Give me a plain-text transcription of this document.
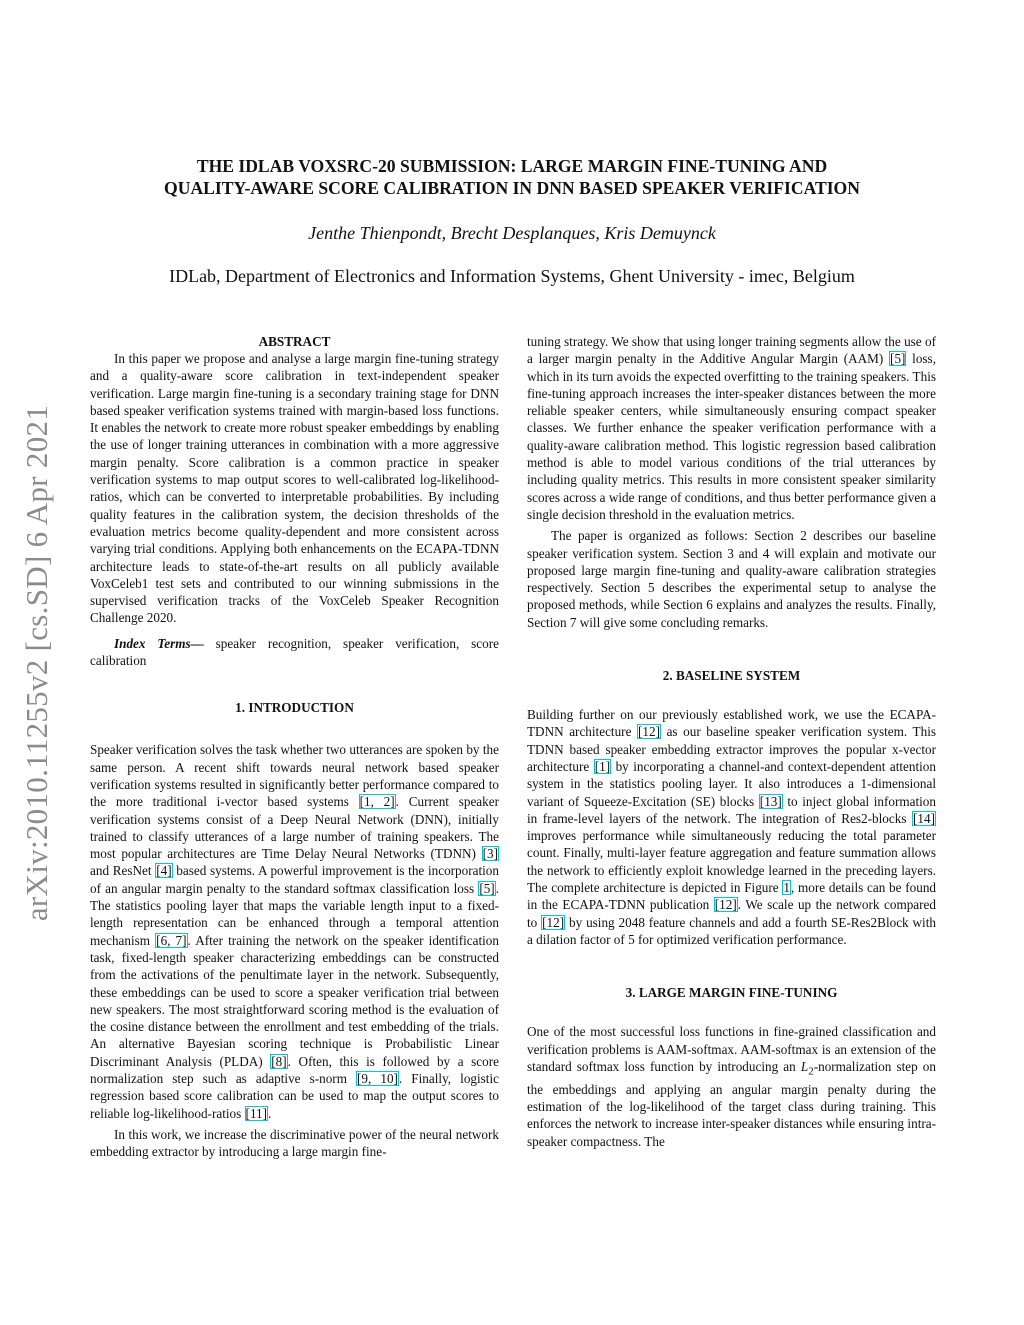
arXiv:2010.11255v2 [cs.SD] 6 Apr 2021
THE IDLAB VOXSRC-20 SUBMISSION: LARGE MARGIN FINE-TUNING AND
QUALITY-AWARE SCORE CALIBRATION IN DNN BASED SPEAKER VERIFICATION
Jenthe Thienpondt, Brecht Desplanques, Kris Demuynck
IDLab, Department of Electronics and Information Systems, Ghent University - imec, Belgium

ABSTRACT

In this paper we propose and analyse a large margin fine-tuning strategy and a quality-aware score calibration in text-independent speaker verification. Large margin fine-tuning is a secondary training stage for DNN based speaker verification systems trained with margin-based loss functions. It enables the network to create more robust speaker embeddings by enabling the use of longer training utterances in combination with a more aggressive margin penalty. Score calibration is a common practice in speaker verification systems to map output scores to well-calibrated log-likelihood-ratios, which can be converted to interpretable probabilities. By including quality features in the calibration system, the decision thresholds of the evaluation metrics become quality-dependent and more consistent across varying trial conditions. Applying both enhancements on the ECAPA-TDNN architecture leads to state-of-the-art results on all publicly available VoxCeleb1 test sets and contributed to our winning submissions in the supervised verification tracks of the VoxCeleb Speaker Recognition Challenge 2020.

Index Terms— speaker recognition, speaker verification, score calibration

1. INTRODUCTION

Speaker verification solves the task whether two utterances are spoken by the same person. A recent shift towards neural network based speaker verification systems resulted in significantly better performance compared to the more traditional i-vector based systems [1, 2]. Current speaker verification systems consist of a Deep Neural Network (DNN), initially trained to classify utterances of a large number of training speakers. The most popular architectures are Time Delay Neural Networks (TDNN) [3] and ResNet [4] based systems. A powerful improvement is the incorporation of an angular margin penalty to the standard softmax classification loss [5]. The statistics pooling layer that maps the variable length input to a fixed-length representation can be enhanced through a temporal attention mechanism [6, 7]. After training the network on the speaker identification task, fixed-length speaker characterizing embeddings can be constructed from the activations of the penultimate layer in the network. Subsequently, these embeddings can be used to score a speaker verification trial between new speakers. The most straightforward scoring method is the evaluation of the cosine distance between the enrollment and test embedding of the trials. An alternative Bayesian scoring technique is Probabilistic Linear Discriminant Analysis (PLDA) [8]. Often, this is followed by a score normalization step such as adaptive s-norm [9, 10]. Finally, logistic regression based score calibration can be used to map the output scores to reliable log-likelihood-ratios [11].

In this work, we increase the discriminative power of the neural network embedding extractor by introducing a large margin fine-

tuning strategy. We show that using longer training segments allow the use of a larger margin penalty in the Additive Angular Margin (AAM) [5] loss, which in its turn avoids the expected overfitting to the training speakers. This fine-tuning approach increases the inter-speaker distances between the more reliable speaker centers, while simultaneously ensuring compact speaker classes. We further enhance the speaker verification performance with a quality-aware calibration method. This logistic regression based calibration method is able to model various conditions of the trial utterances by including quality metrics. This results in more consistent speaker similarity scores across a wide range of conditions, and thus better performance given a single decision threshold in the evaluation metrics.

The paper is organized as follows: Section 2 describes our baseline speaker verification system. Section 3 and 4 will explain and motivate our proposed large margin fine-tuning and quality-aware calibration strategies respectively. Section 5 describes the experimental setup to analyse the proposed methods, while Section 6 explains and analyzes the results. Finally, Section 7 will give some concluding remarks.

2. BASELINE SYSTEM

Building further on our previously established work, we use the ECAPA-TDNN architecture [12] as our baseline speaker verification system. This TDNN based speaker embedding extractor improves the popular x-vector architecture [1] by incorporating a channel-and context-dependent attention system in the statistics pooling layer. It also introduces a 1-dimensional variant of Squeeze-Excitation (SE) blocks [13] to inject global information in frame-level layers of the network. The integration of Res2-blocks [14] improves performance while simultaneously reducing the total parameter count. Finally, multi-layer feature aggregation and feature summation allows the network to efficiently exploit knowledge learned in the preceding layers. The complete architecture is depicted in Figure 1, more details can be found in the ECAPA-TDNN publication [12]. We scale up the network compared to [12] by using 2048 feature channels and add a fourth SE-Res2Block with a dilation factor of 5 for optimized verification performance.

3. LARGE MARGIN FINE-TUNING

One of the most successful loss functions in fine-grained classification and verification problems is AAM-softmax. AAM-softmax is an extension of the standard softmax loss function by introducing an $L_2$-normalization step on the embeddings and applying an angular margin penalty during the estimation of the log-likelihood of the target class during training. This enforces the network to increase inter-speaker distances while ensuring intra-speaker compactness. The
